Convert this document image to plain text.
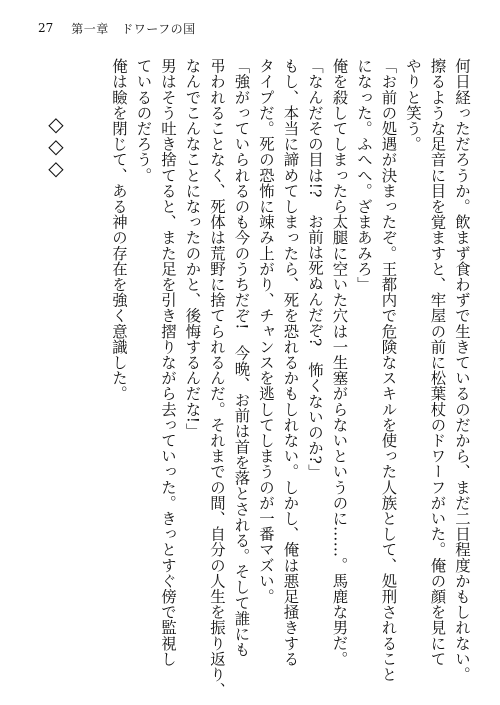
27 第一章　ドワーフの国
何日経っただろうか。飲まず食わずで生きているのだから、まだ二日程度かもしれない。
擦るような足音に目を覚ますと、牢屋の前に松葉杖のドワーフがいた。俺の顔を見にて
やりと笑う。
「お前の処遇が決まったぞ。王都内で危険なスキルを使った人族として、処刑されること
になった。ふへへ。ざまあみろ」
俺を殺してしまったら太腿に空いた穴は一生塞がらないというのに……。馬鹿な男だ。
「なんだその目は!?　お前は死ぬんだぞ?　怖くないのか?」
もし、本当に諦めてしまったら、死を恐れるかもしれない。しかし、俺は悪足掻きする
タイプだ。死の恐怖に竦み上がり、チャンスを逃してしまうのが一番マズい。
「強がっていられるのも今のうちだぞ!　今晩、お前は首を落とされる。そして誰にも
弔われることなく、死体は荒野に捨てられるんだ。それまでの間、自分の人生を振り返り、
なんでこんなことになったのかと、後悔するんだな!」
男はそう吐き捨てると、また足を引き摺りながら去っていった。きっとすぐ傍で監視し
ているのだろう。
俺は瞼を閉じて、ある神の存在を強く意識した。
◇◇◇
